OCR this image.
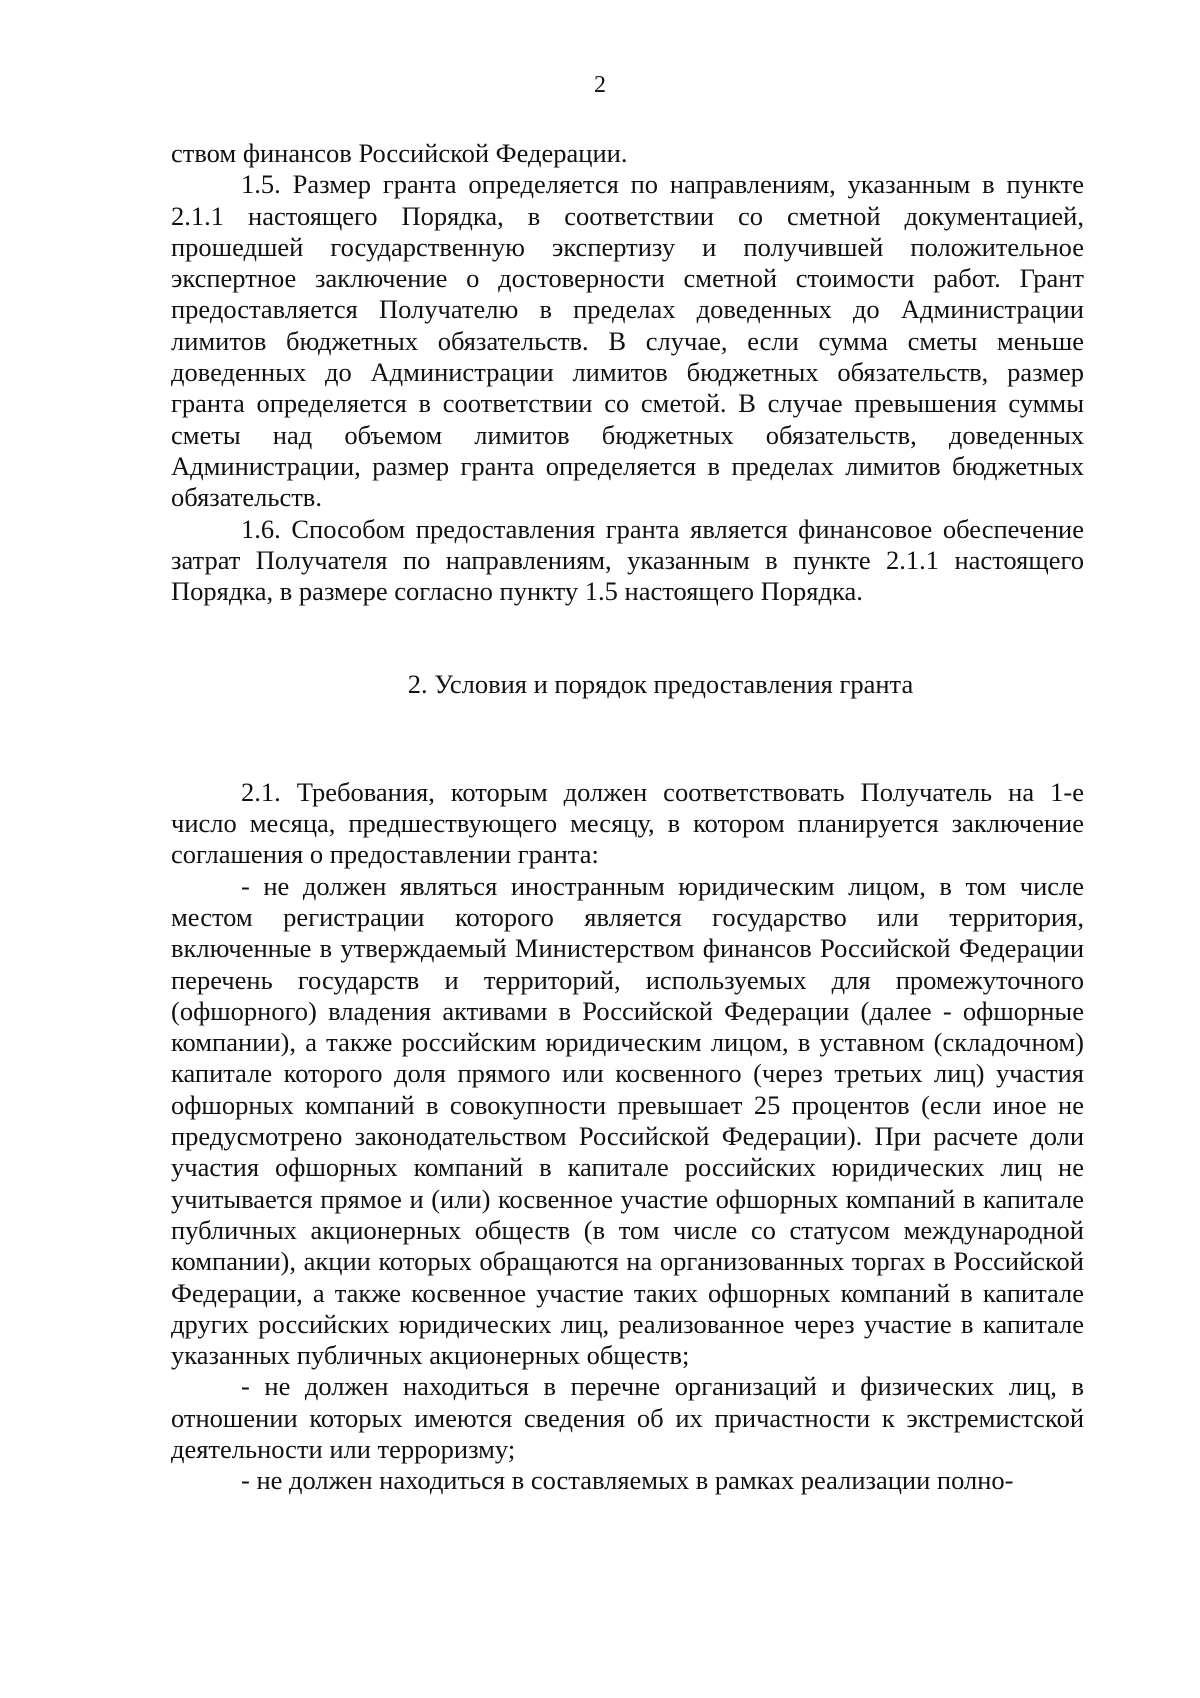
2

ством финансов Российской Федерации.

1.5. Размер гранта определяется по направлениям, указанным в пункте 2.1.1 настоящего Порядка, в соответствии со сметной документацией, прошедшей государственную экспертизу и получившей положительное экспертное заключение о достоверности сметной стоимости работ. Грант предоставляется Получателю в пределах доведенных до Администрации лимитов бюджетных обязательств. В случае, если сумма сметы меньше доведенных до Администрации лимитов бюджетных обязательств, размер гранта определяется в соответствии со сметой. В случае превышения суммы сметы над объемом лимитов бюджетных обязательств, доведенных Администрации, размер гранта определяется в пределах лимитов бюджетных обязательств.

1.6. Способом предоставления гранта является финансовое обеспечение затрат Получателя по направлениям, указанным в пункте 2.1.1 настоящего Порядка, в размере согласно пункту 1.5 настоящего Порядка.

2. Условия и порядок предоставления гранта

2.1. Требования, которым должен соответствовать Получатель на 1-е число месяца, предшествующего месяцу, в котором планируется заключение соглашения о предоставлении гранта:

- не должен являться иностранным юридическим лицом, в том числе местом регистрации которого является государство или территория, включенные в утверждаемый Министерством финансов Российской Федерации перечень государств и территорий, используемых для промежуточного (офшорного) владения активами в Российской Федерации (далее - офшорные компании), а также российским юридическим лицом, в уставном (складочном) капитале которого доля прямого или косвенного (через третьих лиц) участия офшорных компаний в совокупности превышает 25 процентов (если иное не предусмотрено законодательством Российской Федерации). При расчете доли участия офшорных компаний в капитале российских юридических лиц не учитывается прямое и (или) косвенное участие офшорных компаний в капитале публичных акционерных обществ (в том числе со статусом международной компании), акции которых обращаются на организованных торгах в Российской Федерации, а также косвенное участие таких офшорных компаний в капитале других российских юридических лиц, реализованное через участие в капитале указанных публичных акционерных обществ;

- не должен находиться в перечне организаций и физических лиц, в отношении которых имеются сведения об их причастности к экстремистской деятельности или терроризму;

- не должен находиться в составляемых в рамках реализации полно-
